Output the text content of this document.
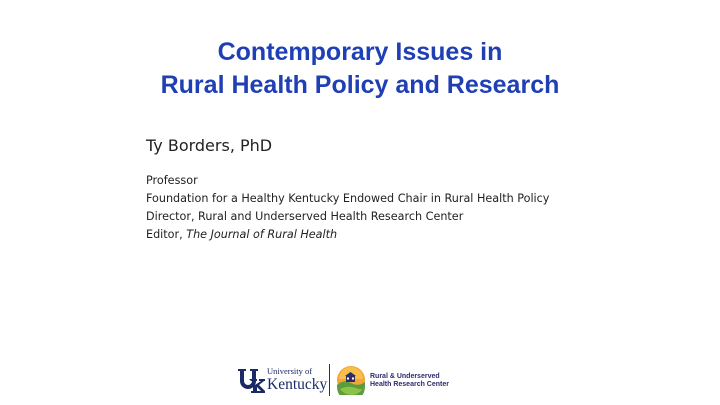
Contemporary Issues in
Rural Health Policy and Research
Ty Borders, PhD
Professor
Foundation for a Healthy Kentucky Endowed Chair in Rural Health Policy
Director, Rural and Underserved Health Research Center
Editor, The Journal of Rural Health
University of
Kentucky	Rural & Underserved
Health Research Center
